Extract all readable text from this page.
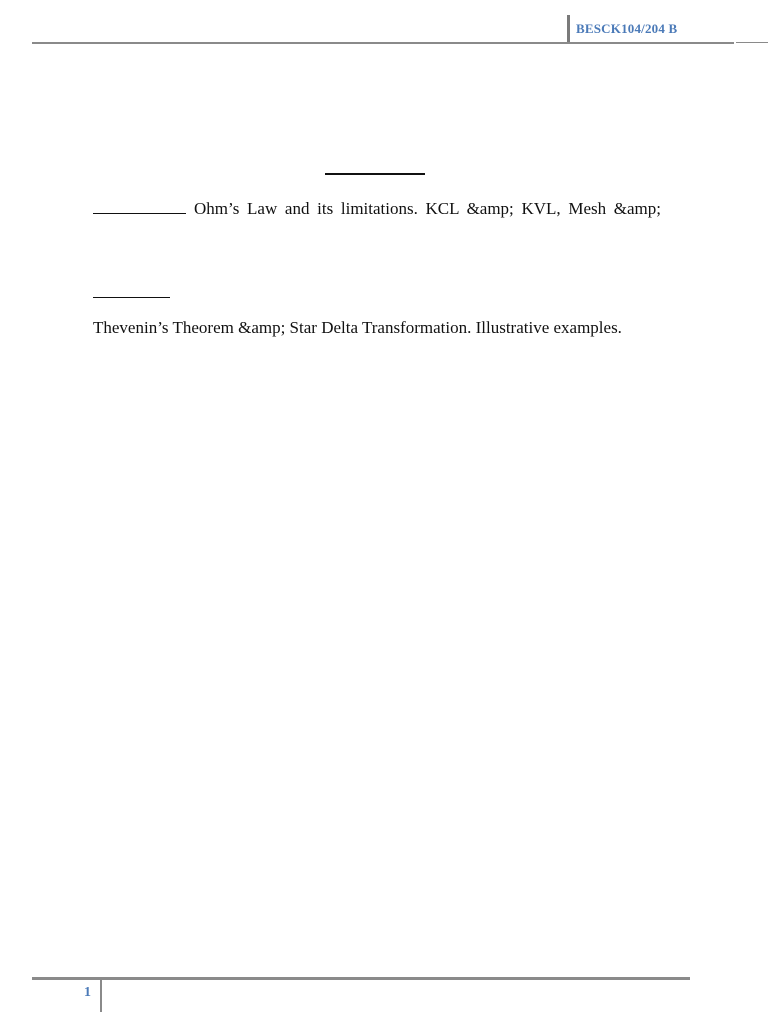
BESCK104/204 B
Ohm’s Law and its limitations. KCL &amp; KVL, Mesh &amp;
Thevenin’s Theorem &amp; Star Delta Transformation. Illustrative examples.
1
